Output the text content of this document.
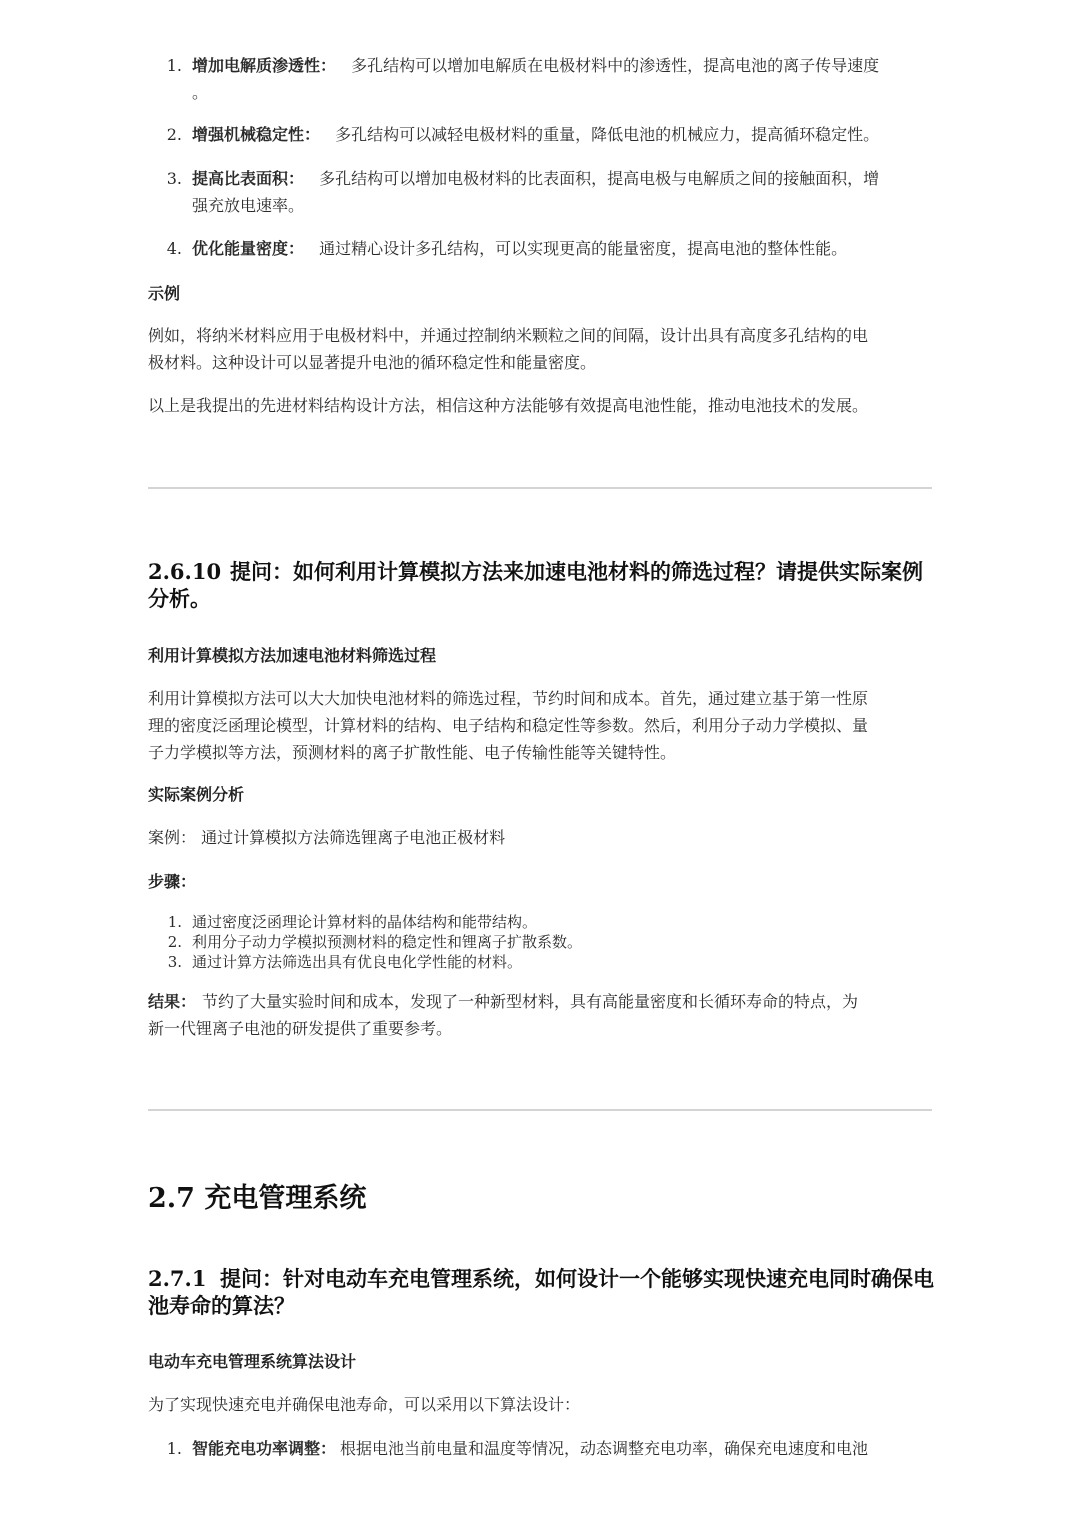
1. 增加电解质渗透性： 多孔结构可以增加电解质在电极材料中的渗透性，提高电池的离子传导速度
。
2. 增强机械稳定性： 多孔结构可以减轻电极材料的重量，降低电池的机械应力，提高循环稳定性。
3. 提高比表面积： 多孔结构可以增加电极材料的比表面积，提高电极与电解质之间的接触面积，增
强充放电速率。
4. 优化能量密度： 通过精心设计多孔结构，可以实现更高的能量密度，提高电池的整体性能。
示例
例如，将纳米材料应用于电极材料中，并通过控制纳米颗粒之间的间隔，设计出具有高度多孔结构的电
极材料。这种设计可以显著提升电池的循环稳定性和能量密度。
以上是我提出的先进材料结构设计方法，相信这种方法能够有效提高电池性能，推动电池技术的发展。
2.6.10 提问：如何利用计算模拟方法来加速电池材料的筛选过程？请提供实际案例
分析。
利用计算模拟方法加速电池材料筛选过程
利用计算模拟方法可以大大加快电池材料的筛选过程，节约时间和成本。首先，通过建立基于第一性原
理的密度泛函理论模型，计算材料的结构、电子结构和稳定性等参数。然后，利用分子动力学模拟、量
子力学模拟等方法，预测材料的离子扩散性能、电子传输性能等关键特性。
实际案例分析
案例： 通过计算模拟方法筛选锂离子电池正极材料
步骤：
1. 通过密度泛函理论计算材料的晶体结构和能带结构。
2. 利用分子动力学模拟预测材料的稳定性和锂离子扩散系数。
3. 通过计算方法筛选出具有优良电化学性能的材料。
结果： 节约了大量实验时间和成本，发现了一种新型材料，具有高能量密度和长循环寿命的特点，为
新一代锂离子电池的研发提供了重要参考。
2.7 充电管理系统
2.7.1 提问：针对电动车充电管理系统，如何设计一个能够实现快速充电同时确保电
池寿命的算法？
电动车充电管理系统算法设计
为了实现快速充电并确保电池寿命，可以采用以下算法设计：
1. 智能充电功率调整： 根据电池当前电量和温度等情况，动态调整充电功率，确保充电速度和电池
